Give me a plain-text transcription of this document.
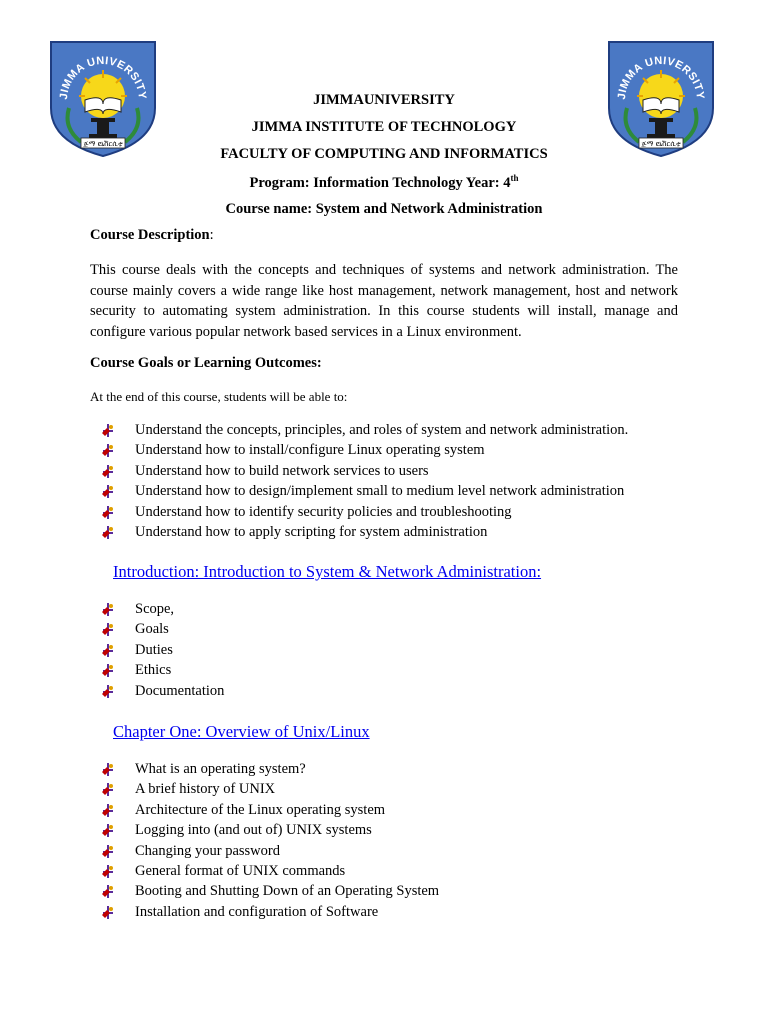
JIMMAUNIVERSITY
JIMMA INSTITUTE OF TECHNOLOGY
FACULTY OF COMPUTING AND INFORMATICS
Program: Information Technology Year: 4th
Course name: System and Network Administration
Course Description:
This course deals with the concepts and techniques of systems and network administration. The course mainly covers a wide range like host management, network management, host and network security to automating system administration. In this course students will install, manage and configure various popular network based services in a Linux environment.
Course Goals or Learning Outcomes:
At the end of this course, students will be able to:
Understand the concepts, principles, and roles of system and network administration.
Understand how to install/configure Linux operating system
Understand how to build network services to users
Understand how to design/implement small to medium level network administration
Understand how to identify security policies and troubleshooting
Understand how to apply scripting for system administration
Introduction: Introduction to System & Network Administration:
Scope,
Goals
Duties
Ethics
Documentation
Chapter One: Overview of Unix/Linux
What is an operating system?
A brief history of UNIX
Architecture of the Linux operating system
Logging into (and out of) UNIX systems
Changing your password
General format of UNIX commands
Booting and Shutting Down of an Operating System
Installation and configuration of Software
